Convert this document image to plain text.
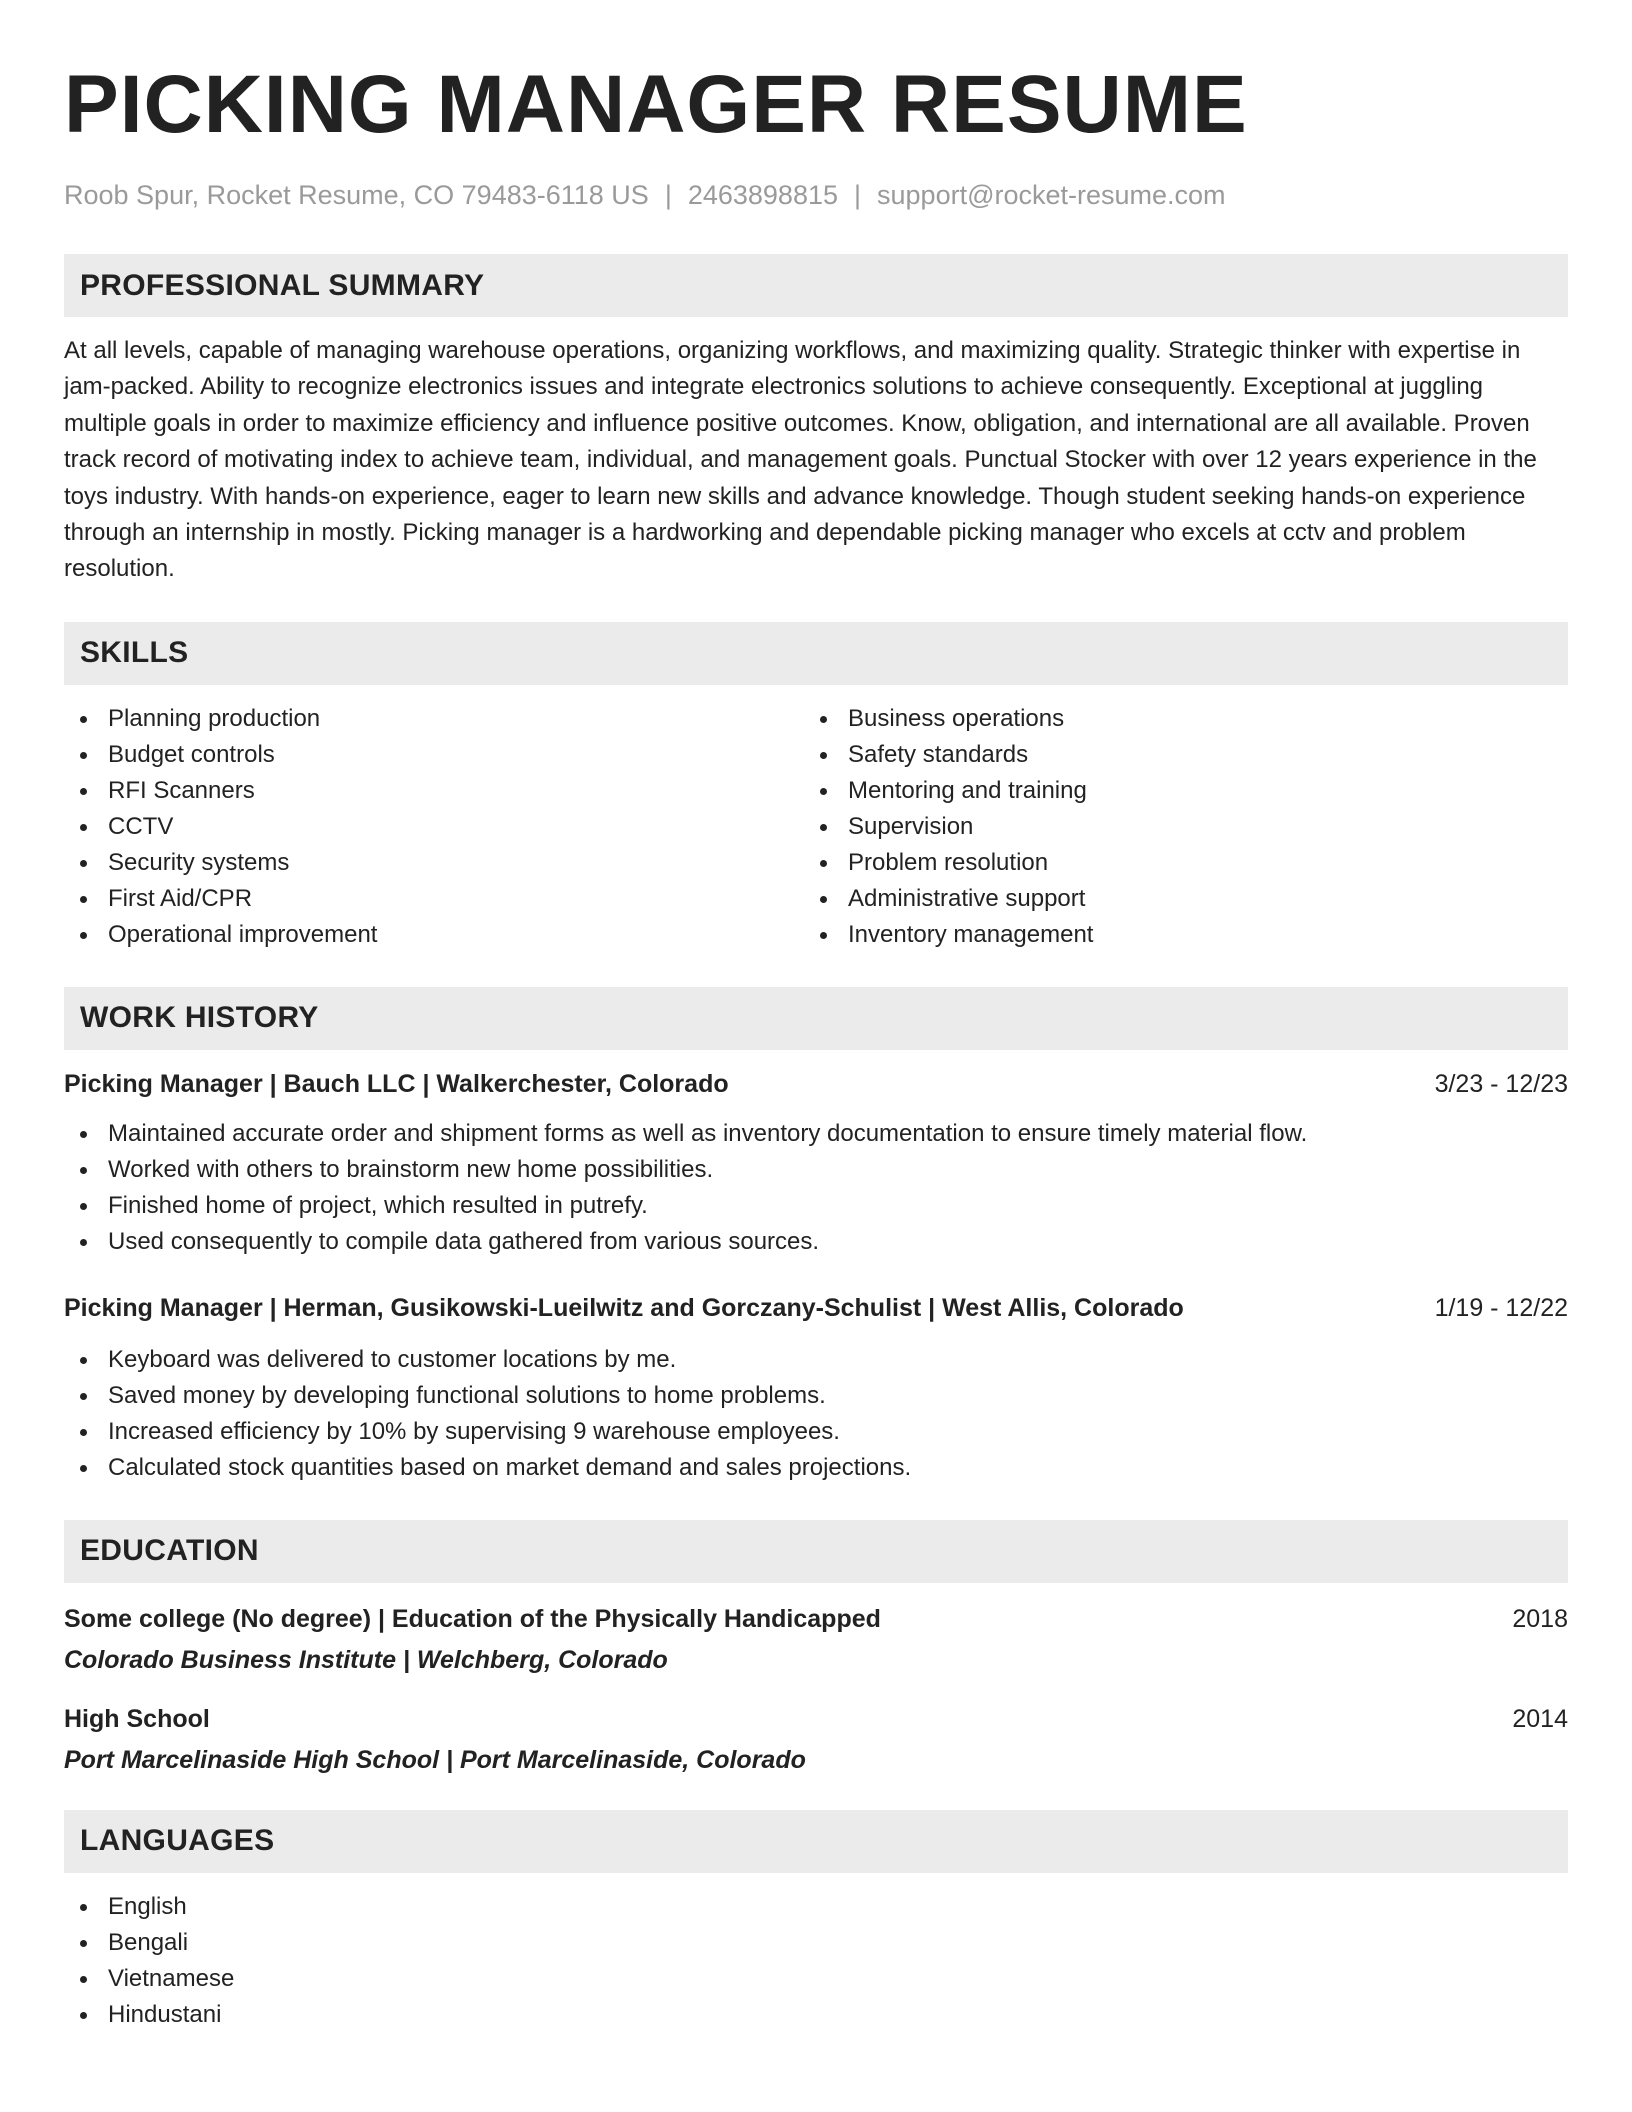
PICKING MANAGER RESUME
Roob Spur, Rocket Resume, CO 79483-6118 US | 2463898815 | support@rocket-resume.com
PROFESSIONAL SUMMARY

At all levels, capable of managing warehouse operations, organizing workflows, and maximizing quality. Strategic thinker with expertise in jam-packed. Ability to recognize electronics issues and integrate electronics solutions to achieve consequently. Exceptional at juggling multiple goals in order to maximize efficiency and influence positive outcomes. Know, obligation, and international are all available. Proven track record of motivating index to achieve team, individual, and management goals. Punctual Stocker with over 12 years experience in the toys industry. With hands-on experience, eager to learn new skills and advance knowledge. Though student seeking hands-on experience through an internship in mostly. Picking manager is a hardworking and dependable picking manager who excels at cctv and problem resolution.

SKILLS
Planning production
Budget controls
RFI Scanners
CCTV
Security systems
First Aid/CPR
Operational improvement
Business operations
Safety standards
Mentoring and training
Supervision
Problem resolution
Administrative support
Inventory management
WORK HISTORY
Picking Manager | Bauch LLC | Walkerchester, Colorado	3/23 - 12/23
Maintained accurate order and shipment forms as well as inventory documentation to ensure timely material flow.
Worked with others to brainstorm new home possibilities.
Finished home of project, which resulted in putrefy.
Used consequently to compile data gathered from various sources.
Picking Manager | Herman, Gusikowski-Lueilwitz and Gorczany-Schulist | West Allis, Colorado	1/19 - 12/22
Keyboard was delivered to customer locations by me.
Saved money by developing functional solutions to home problems.
Increased efficiency by 10% by supervising 9 warehouse employees.
Calculated stock quantities based on market demand and sales projections.
EDUCATION
Some college (No degree) | Education of the Physically Handicapped	2018
Colorado Business Institute | Welchberg, Colorado
High School	2014
Port Marcelinaside High School | Port Marcelinaside, Colorado
LANGUAGES
English
Bengali
Vietnamese
Hindustani
